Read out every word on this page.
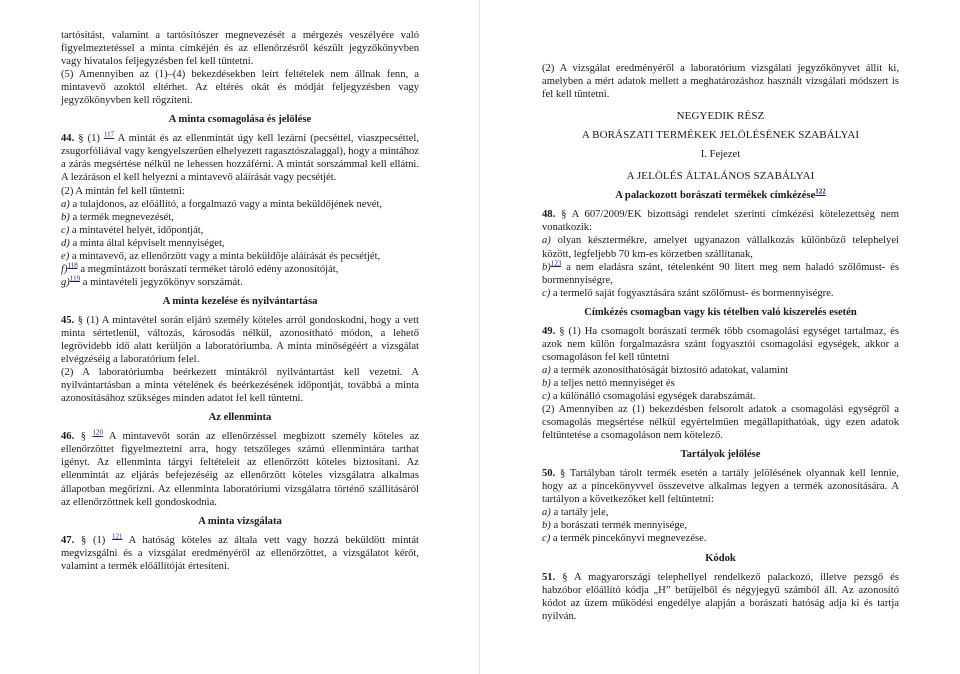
tartósítást, valamint a tartósítószer megnevezését a mérgezés veszélyére való figyelmeztetéssel a minta címkéjén és az ellenőrzésről készült jegyzőkönyvben vagy hivatalos feljegyzésben fel kell tüntetni.

(5) Amennyiben az (1)–(4) bekezdésekben leírt feltételek nem állnak fenn, a mintavevő azoktól eltérhet. Az eltérés okát és módját feljegyzésben vagy jegyzőkönyvben kell rögzíteni.

A minta csomagolása és jelölése

44. § (1) $^{117}$ A mintát és az ellenmintát úgy kell lezárni (pecséttel, viaszpecséttel, zsugorfóliával vagy kengyelszerűen elhelyezett ragasztószalaggal), hogy a mintához a zárás megsértése nélkül ne lehessen hozzáférni. A mintát sorszámmal kell ellátni. A lezáráson el kell helyezni a mintavevő aláírását vagy pecsétjét.

(2) A mintán fel kell tüntetni:

a) a tulajdonos, az előállító, a forgalmazó vagy a minta beküldőjének nevét,
b) a termék megnevezését,
c) a mintavétel helyét, időpontját,
d) a minta által képviselt mennyiséget,
e) a mintavevő, az ellenőrzött vagy a minta beküldője aláírását és pecsétjét,
f)$^{118}$ a megmintázott borászati terméket tároló edény azonosítóját,
g)$^{119}$ a mintavételi jegyzőkönyv sorszámát.
A minta kezelése és nyilvántartása

45. § (1) A mintavétel során eljáró személy köteles arról gondoskodni, hogy a vett minta sértetlenül, változás, károsodás nélkül, azonosítható módon, a lehető legrövidebb idő alatt kerüljön a laboratóriumba. A minta minőségéért a vizsgálat elvégzéséig a laboratórium felel.

(2) A laboratóriumba beérkezett mintákról nyilvántartást kell vezetni. A nyilvántartásban a minta vételének és beérkezésének időpontját, továbbá a minta azonosításához szükséges minden adatot fel kell tüntetni.

Az ellenminta

46. § $^{120}$ A mintavevőt során az ellenőrzéssel megbízott személy köteles az ellenőrzöttet figyelmeztetni arra, hogy tetszőleges számú ellenmintára tarthat igényt. Az ellenminta tárgyi feltételeit az ellenőrzött köteles biztosítani. Az ellenmintát az eljárás befejezéséig az ellenőrzött köteles vizsgálatra alkalmas állapotban megőrizni. Az ellenminta laboratóriumi vizsgálatra történő szállításáról az ellenőrzöttnek kell gondoskodnia.

A minta vizsgálata

47. § (1) $^{121}$ A hatóság köteles az általa vett vagy hozzá beküldött mintát megvizsgálni és a vizsgálat eredményéről az ellenőrzöttet, a vizsgálatot kérőt, valamint a termék előállítóját értesíteni.

(2) A vizsgálat eredményéről a laboratórium vizsgálati jegyzőkönyvet állít ki, amelyben a mért adatok mellett a meghatározáshoz használt vizsgálati módszert is fel kell tüntetni.

NEGYEDIK RÉSZ
A BORÁSZATI TERMÉKEK JELÖLÉSÉNEK SZABÁLYAI
I. Fejezet
A JELÖLÉS ÁLTALÁNOS SZABÁLYAI
A palackozott borászati termékek címkézése$^{122}$

48. § A 607/2009/EK bizottsági rendelet szerinti címkézési kötelezettség nem vonatkozik:

a) olyan késztermékre, amelyet ugyanazon vállalkozás különböző telephelyei között, legfeljebb 70 km-es körzetben szállítanak,

b)$^{123}$ a nem eladásra szánt, tételenként 90 litert meg nem haladó szőlőmust- és bormennyiségre,

c) a termelő saját fogyasztására szánt szőlőmust- és bormennyiségre.

Címkézés csomagban vagy kis tételben való kiszerelés esetén

49. § (1) Ha csomagolt borászati termék több csomagolási egységet tartalmaz, és azok nem külön forgalmazásra szánt fogyasztói csomagolási egységek, akkor a csomagoláson fel kell tüntetni

a) a termék azonosíthatóságát biztosító adatokat, valamint
b) a teljes nettó mennyiséget és
c) a különálló csomagolási egységek darabszámát.

(2) Amennyiben az (1) bekezdésben felsorolt adatok a csomagolási egységről a csomagolás megsértése nélkül egyértelműen megállapíthatóak, úgy ezen adatok feltüntetése a csomagoláson nem kötelező.

Tartályok jelölése

50. § Tartályban tárolt termék esetén a tartály jelölésének olyannak kell lennie, hogy az a pincekönyvvel összevetve alkalmas legyen a termék azonosítására. A tartályon a következőket kell feltüntetni:

a) a tartály jele,
b) a borászati termék mennyisége,
c) a termék pincekönyvi megnevezése.
Kódok

51. § A magyarországi telephellyel rendelkező palackozó, illetve pezsgő és habzóbor előállító kódja „H” betűjelből és négyjegyű számból áll. Az azonosító kódot az üzem működési engedélye alapján a borászati hatóság adja ki és tartja nyilván.
